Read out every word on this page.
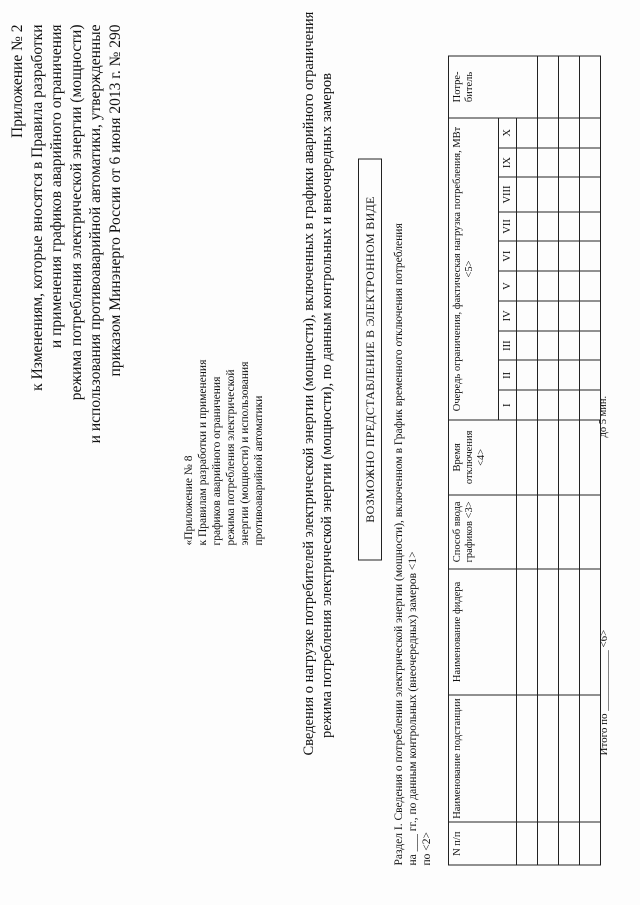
Приложение № 2 к Изменениям, которые вносятся в Правила разработки и применения графиков аварийного ограничения режима потребления электрической энергии (мощности) и использования противоаварийной автоматики, утвержденные приказом Минэнерго России от 6 июня 2013 г. № 290
«Приложение № 8 к Правилам разработки и применения графиков аварийного ограничения режима потребления электрической энергии (мощности) и использования противоаварийной автоматики Сведения о нагрузке потребителей электрической энергии (мощности), включенных в графики аварийного ограничения режима потребления электрической энергии (мощности), по данным контрольных и внеочередных замеров	ВОЗМОЖНО ПРЕДСТАВЛЕНИЕ В ЭЛЕКТРОННОМ ВИДЕ	Раздел I. Сведения о потреблении электрической энергии (мощности), включенном в График временного отключения потребления на ___ гг., по данным контрольных (внеочередных) замеров <1> по <2> N п/п	Наименование подстанции	Наименование фидера	Способ ввода графиков <3>	Время отключения <4>	Очередь ограничения, фактическая нагрузка потребления, МВт <5>										Потре- битель
					I	II	III	IV	V	VI	VII	VIII	IX	X	

Итого по ___________ <6>
до 5 мин.
